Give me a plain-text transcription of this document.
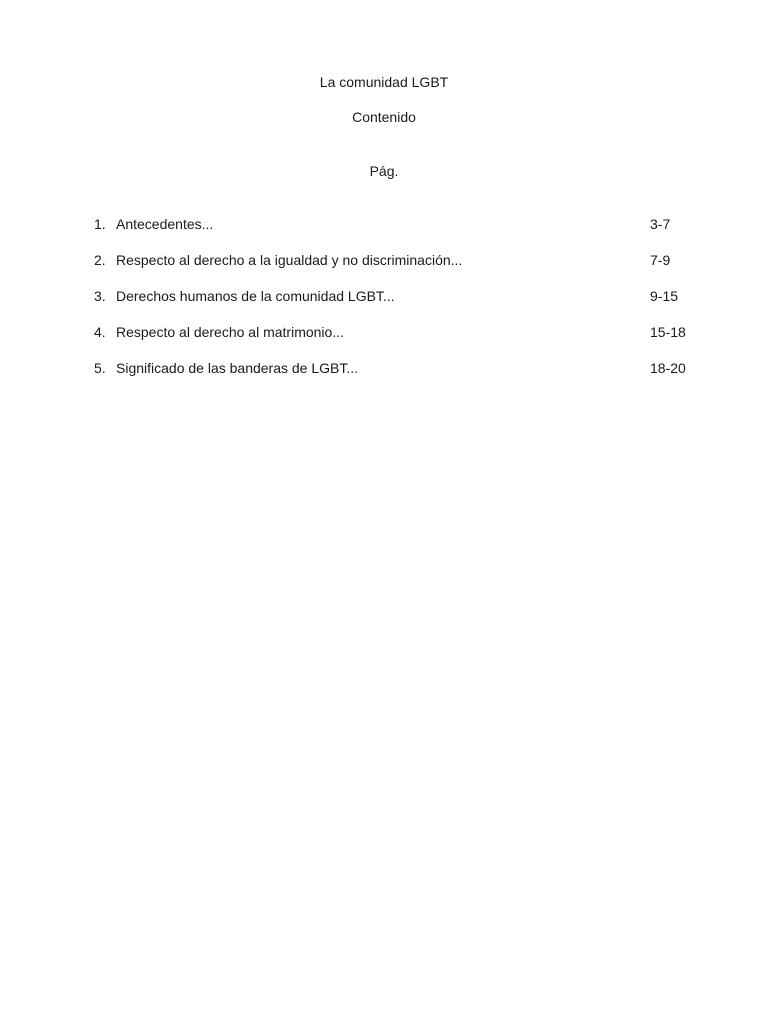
La comunidad LGBT
Contenido
Pág.
1. Antecedentes...	3-7
2. Respecto al derecho a la igualdad y no discriminación...	7-9
3. Derechos humanos de la comunidad LGBT...	9-15
4. Respecto al derecho al matrimonio...	15-18
5. Significado de las banderas de LGBT...	18-20
